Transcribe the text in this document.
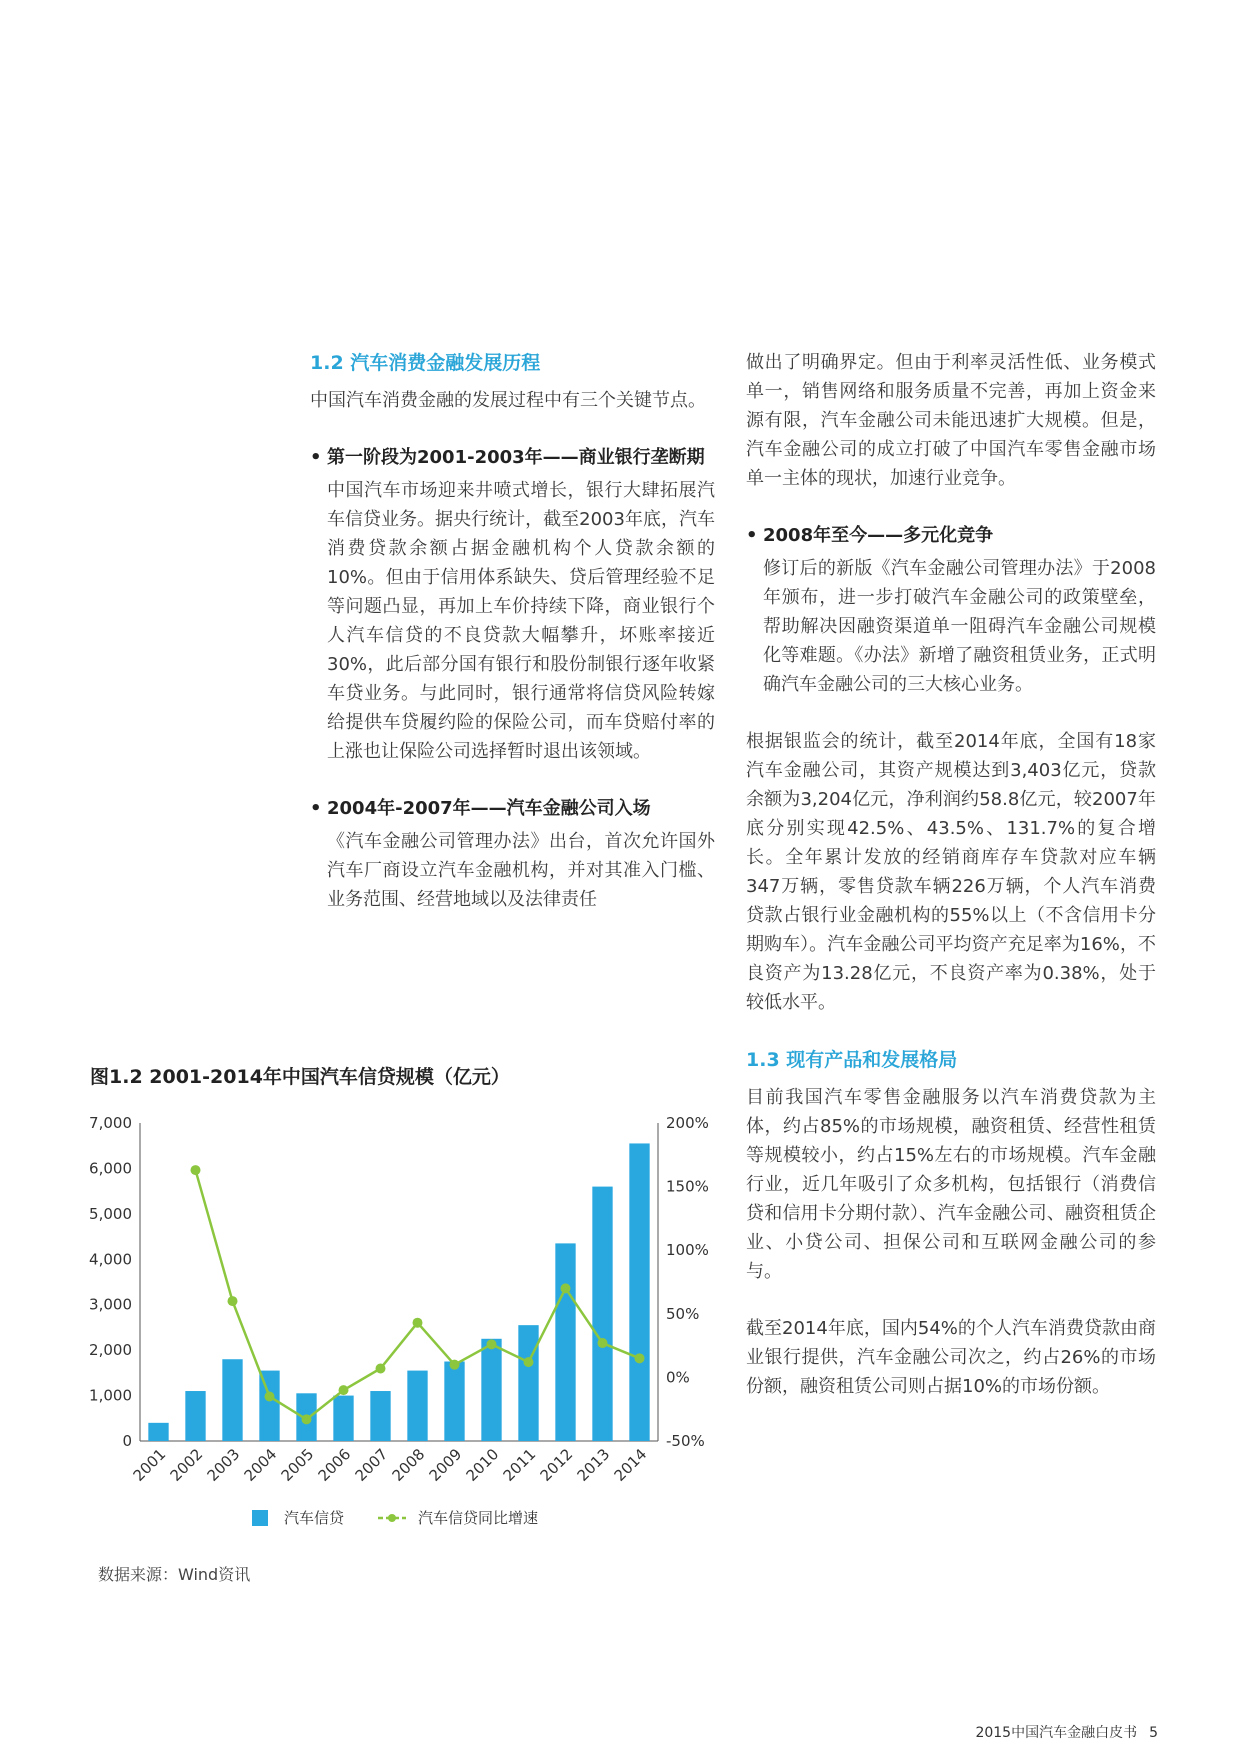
1.2 汽车消费金融发展历程
中国汽车消费金融的发展过程中有三个关键节点。
• 第一阶段为2001-2003年——商业银行垄断期
中国汽车市场迎来井喷式增长，银行大肆拓展汽车信贷业务。据央行统计，截至2003年底，汽车消费贷款余额占据金融机构个人贷款余额的10%。但由于信用体系缺失、贷后管理经验不足等问题凸显，再加上车价持续下降，商业银行个人汽车信贷的不良贷款大幅攀升，坏账率接近30%，此后部分国有银行和股份制银行逐年收紧车贷业务。与此同时，银行通常将信贷风险转嫁给提供车贷履约险的保险公司，而车贷赔付率的上涨也让保险公司选择暂时退出该领域。
• 2004年-2007年——汽车金融公司入场
《汽车金融公司管理办法》出台，首次允许国外汽车厂商设立汽车金融机构，并对其准入门槛、业务范围、经营地域以及法律责任
做出了明确界定。但由于利率灵活性低、业务模式单一，销售网络和服务质量不完善，再加上资金来源有限，汽车金融公司未能迅速扩大规模。但是，汽车金融公司的成立打破了中国汽车零售金融市场单一主体的现状，加速行业竞争。
• 2008年至今——多元化竞争
修订后的新版《汽车金融公司管理办法》于2008年颁布，进一步打破汽车金融公司的政策壁垒，帮助解决因融资渠道单一阻碍汽车金融公司规模化等难题。《办法》新增了融资租赁业务，正式明确汽车金融公司的三大核心业务。
根据银监会的统计，截至2014年底，全国有18家汽车金融公司，其资产规模达到3,403亿元，贷款余额为3,204亿元，净利润约58.8亿元，较2007年底分别实现42.5%、43.5%、131.7%的复合增长。全年累计发放的经销商库存车贷款对应车辆347万辆，零售贷款车辆226万辆，个人汽车消费贷款占银行业金融机构的55%以上（不含信用卡分期购车）。汽车金融公司平均资产充足率为16%，不良资产为13.28亿元，不良资产率为0.38%，处于较低水平。
1.3 现有产品和发展格局
目前我国汽车零售金融服务以汽车消费贷款为主体，约占85%的市场规模，融资租赁、经营性租赁等规模较小，约占15%左右的市场规模。汽车金融行业，近几年吸引了众多机构，包括银行（消费信贷和信用卡分期付款）、汽车金融公司、融资租赁企业、小贷公司、担保公司和互联网金融公司的参与。
截至2014年底，国内54%的个人汽车消费贷款由商业银行提供，汽车金融公司次之，约占26%的市场份额，融资租赁公司则占据10%的市场份额。
图1.2 2001-2014年中国汽车信贷规模（亿元）
0
1,000
2,000
3,000
4,000
5,000
6,000
7,000
-50%
0%
50%
100%
150%
200%
2001
2002
2003
2004
2005
2006
2007
2008
2009
2010
2011
2012
2013
2014
汽车信贷	汽车信贷同比增速
数据来源：Wind资讯
2015中国汽车金融白皮书 5
